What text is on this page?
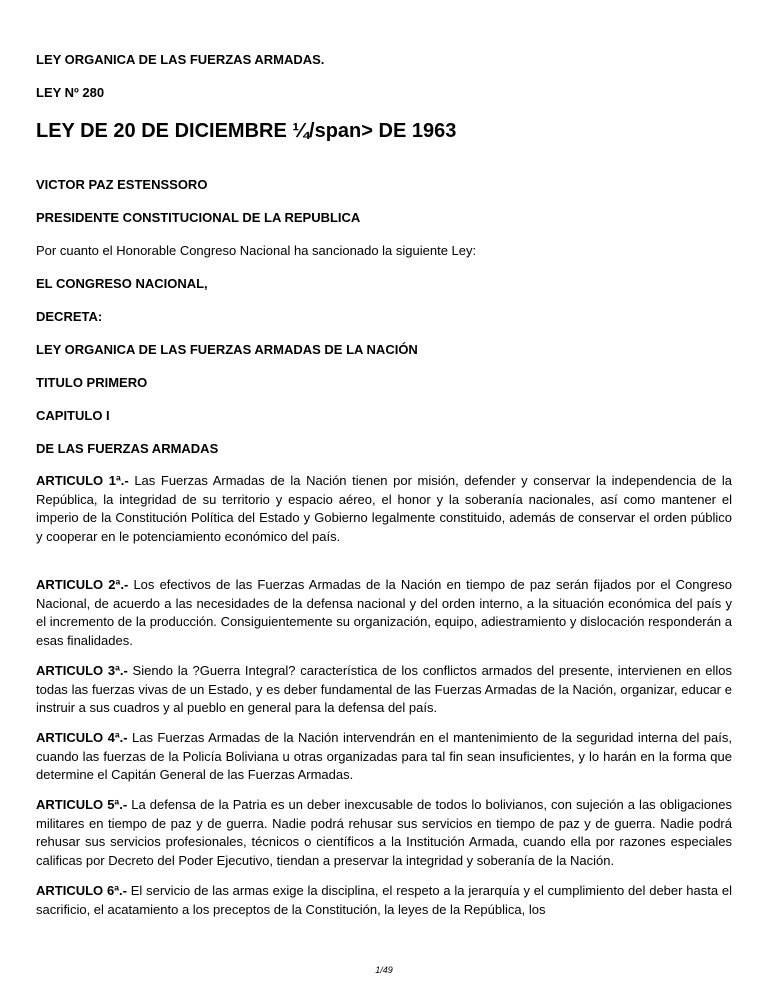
LEY ORGANICA DE LAS FUERZAS ARMADAS.

LEY Nº 280

LEY DE 20 DE DICIEMBRE ¼/span> DE 1963

VICTOR PAZ ESTENSSORO

PRESIDENTE CONSTITUCIONAL DE LA REPUBLICA

Por cuanto el Honorable Congreso Nacional ha sancionado la siguiente Ley:

EL CONGRESO NACIONAL,

DECRETA:

LEY ORGANICA DE LAS FUERZAS ARMADAS DE LA NACIÓN

TITULO PRIMERO

CAPITULO I

DE LAS FUERZAS ARMADAS

ARTICULO 1ª.- Las Fuerzas Armadas de la Nación tienen por misión, defender y conservar la independencia de la República, la integridad de su territorio y espacio aéreo, el honor y la soberanía nacionales, así como mantener el imperio de la Constitución Política del Estado y Gobierno legalmente constituido, además de conservar el orden público y cooperar en le potenciamiento económico del país.

ARTICULO 2ª.- Los efectivos de las Fuerzas Armadas de la Nación en tiempo de paz serán fijados por el Congreso Nacional, de acuerdo a las necesidades de la defensa nacional y del orden interno, a la situación económica del país y el incremento de la producción. Consiguientemente su organización, equipo, adiestramiento y dislocación responderán a esas finalidades.

ARTICULO 3ª.- Siendo la ?Guerra Integral? característica de los conflictos armados del presente, intervienen en ellos todas las fuerzas vivas de un Estado, y es deber fundamental de las Fuerzas Armadas de la Nación, organizar, educar e instruir a sus cuadros y al pueblo en general para la defensa del país.

ARTICULO 4ª.- Las Fuerzas Armadas de la Nación intervendrán en el mantenimiento de la seguridad interna del país, cuando las fuerzas de la Policía Boliviana u otras organizadas para tal fin sean insuficientes, y lo harán en la forma que determine el Capitán General de las Fuerzas Armadas.

ARTICULO 5ª.- La defensa de la Patria es un deber inexcusable de todos lo bolivianos, con sujeción a las obligaciones militares en tiempo de paz y de guerra. Nadie podrá rehusar sus servicios en tiempo de paz y de guerra. Nadie podrá rehusar sus servicios profesionales, técnicos o científicos a la Institución Armada, cuando ella por razones especiales calificas por Decreto del Poder Ejecutivo, tiendan a preservar la integridad y soberanía de la Nación.

ARTICULO 6ª.- El servicio de las armas exige la disciplina, el respeto a la jerarquía y el cumplimiento del deber hasta el sacrificio, el acatamiento a los preceptos de la Constitución, la leyes de la República, los

1/49
